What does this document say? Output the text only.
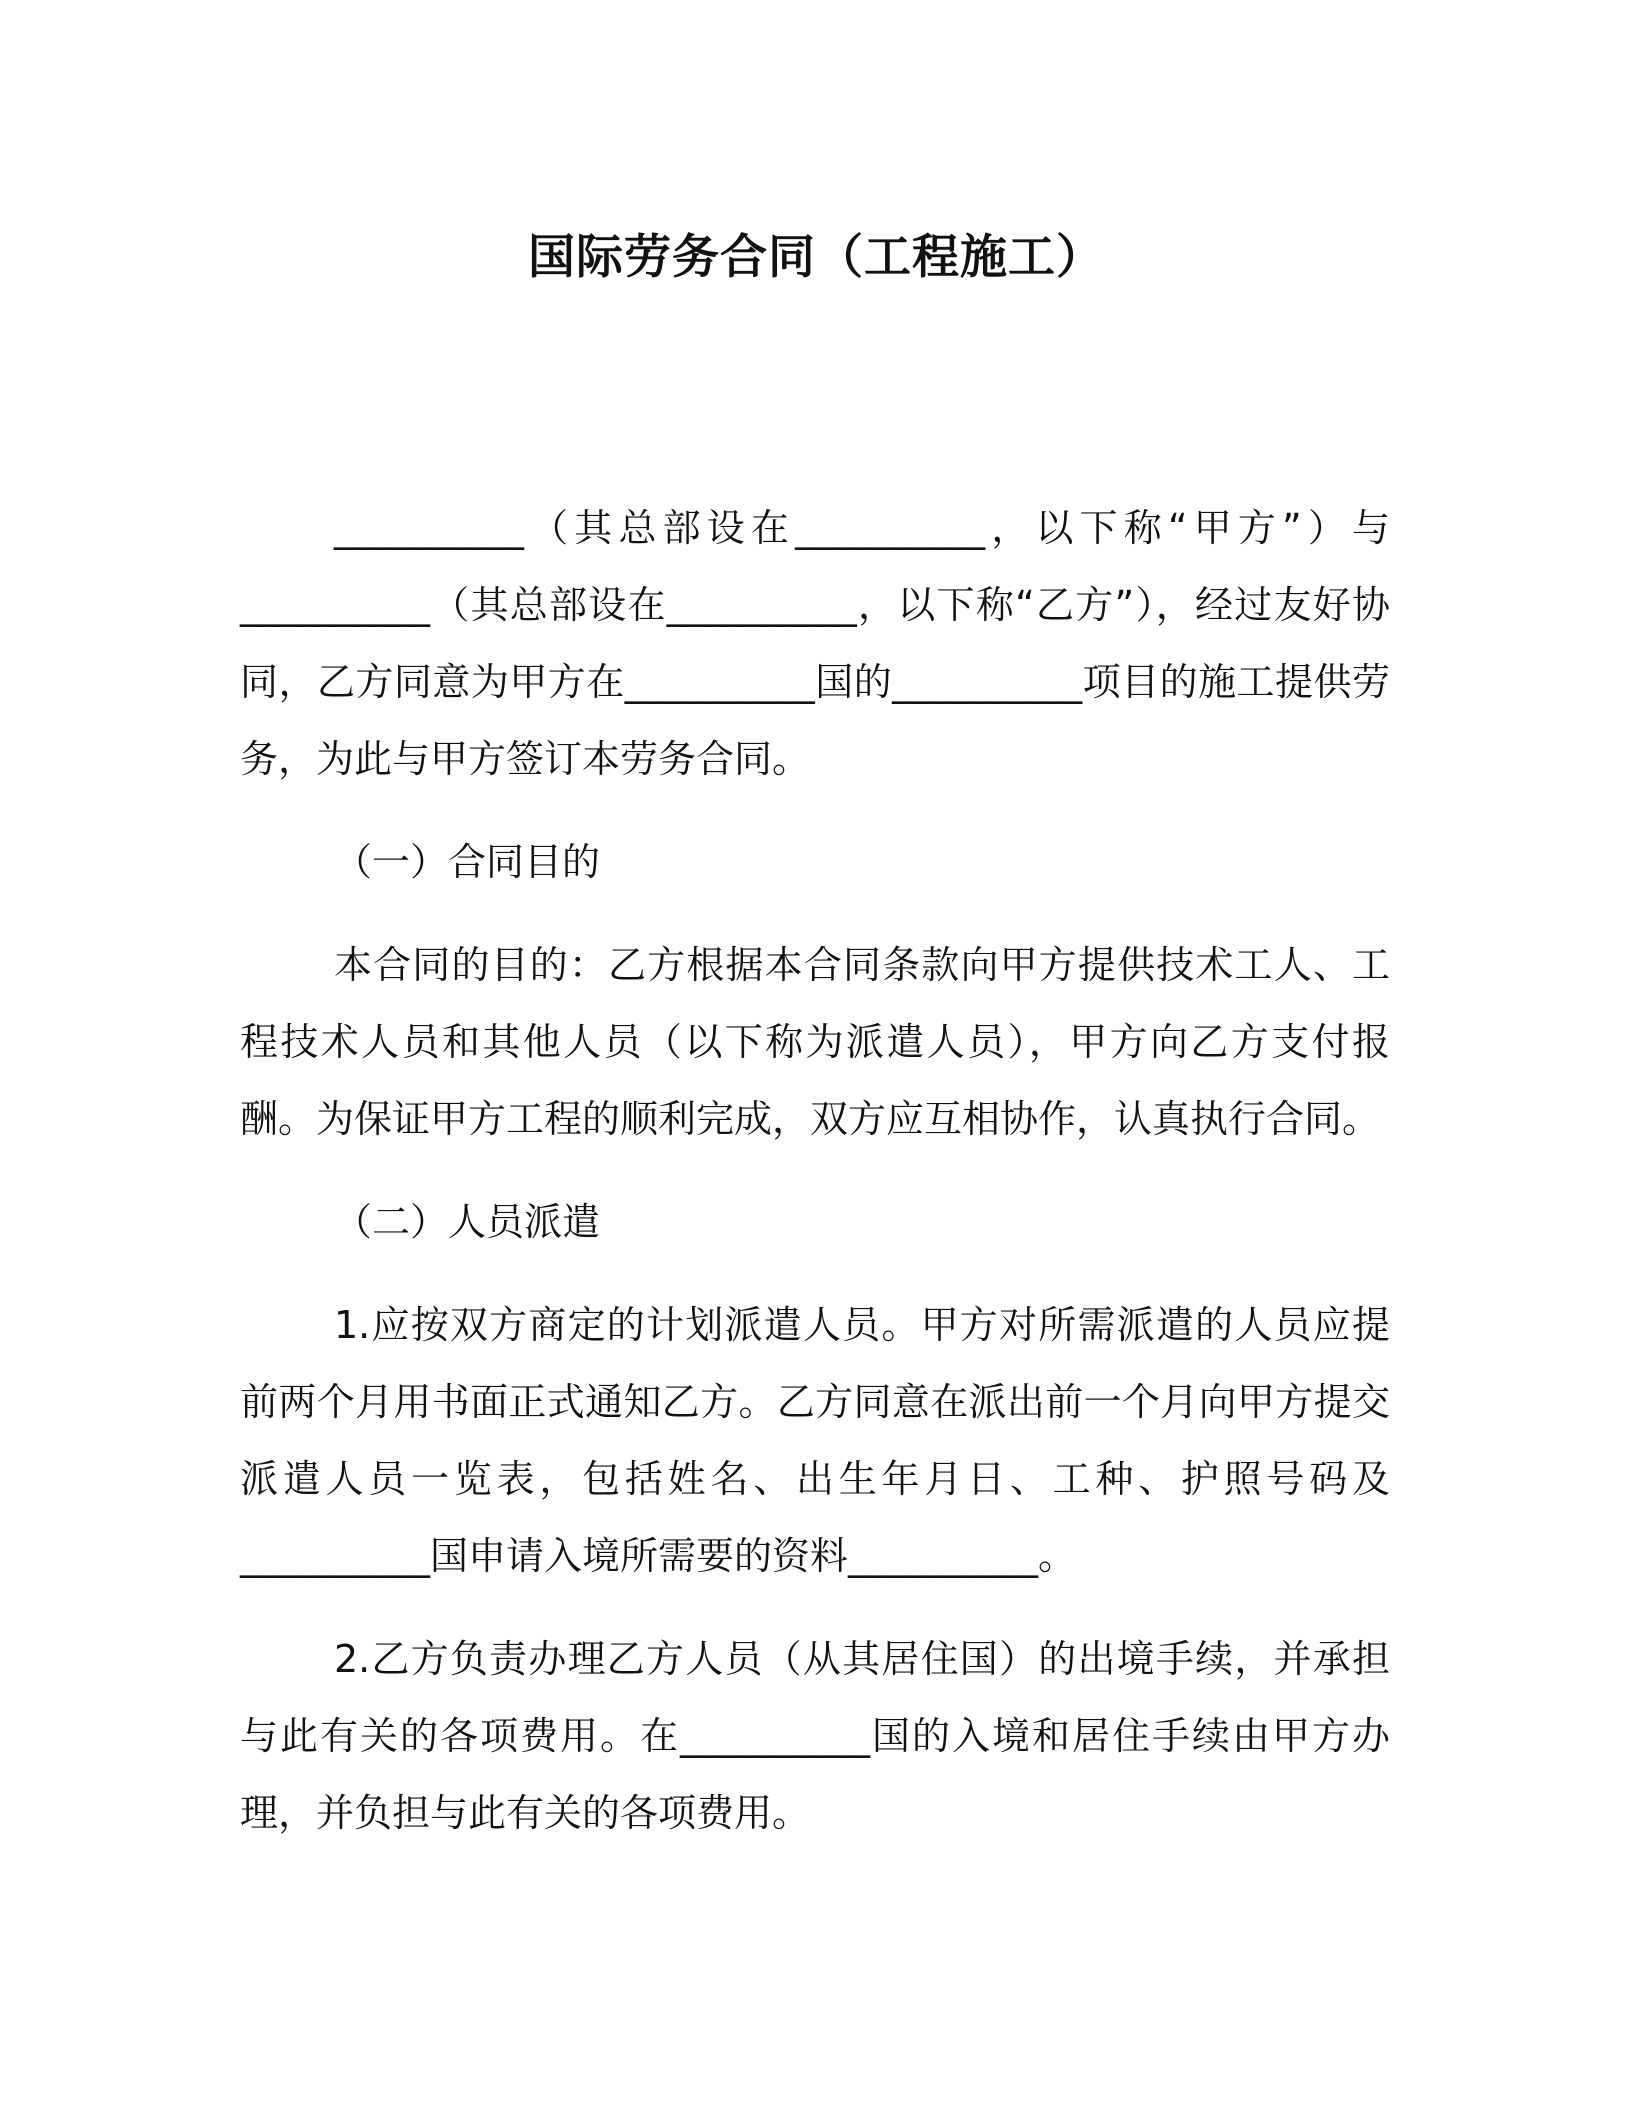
国际劳务合同（工程施工）

__________（其总部设在__________，以下称“甲方”）与__________（其总部设在__________，以下称“乙方”），经过友好协同，乙方同意为甲方在__________国的__________项目的施工提供劳务，为此与甲方签订本劳务合同。

（一）合同目的

本合同的目的：乙方根据本合同条款向甲方提供技术工人、工程技术人员和其他人员（以下称为派遣人员），甲方向乙方支付报酬。为保证甲方工程的顺利完成，双方应互相协作，认真执行合同。

（二）人员派遣

1.应按双方商定的计划派遣人员。甲方对所需派遣的人员应提前两个月用书面正式通知乙方。乙方同意在派出前一个月向甲方提交派遣人员一览表，包括姓名、出生年月日、工种、护照号码及__________国申请入境所需要的资料__________。

2.乙方负责办理乙方人员（从其居住国）的出境手续，并承担与此有关的各项费用。在__________国的入境和居住手续由甲方办理，并负担与此有关的各项费用。
